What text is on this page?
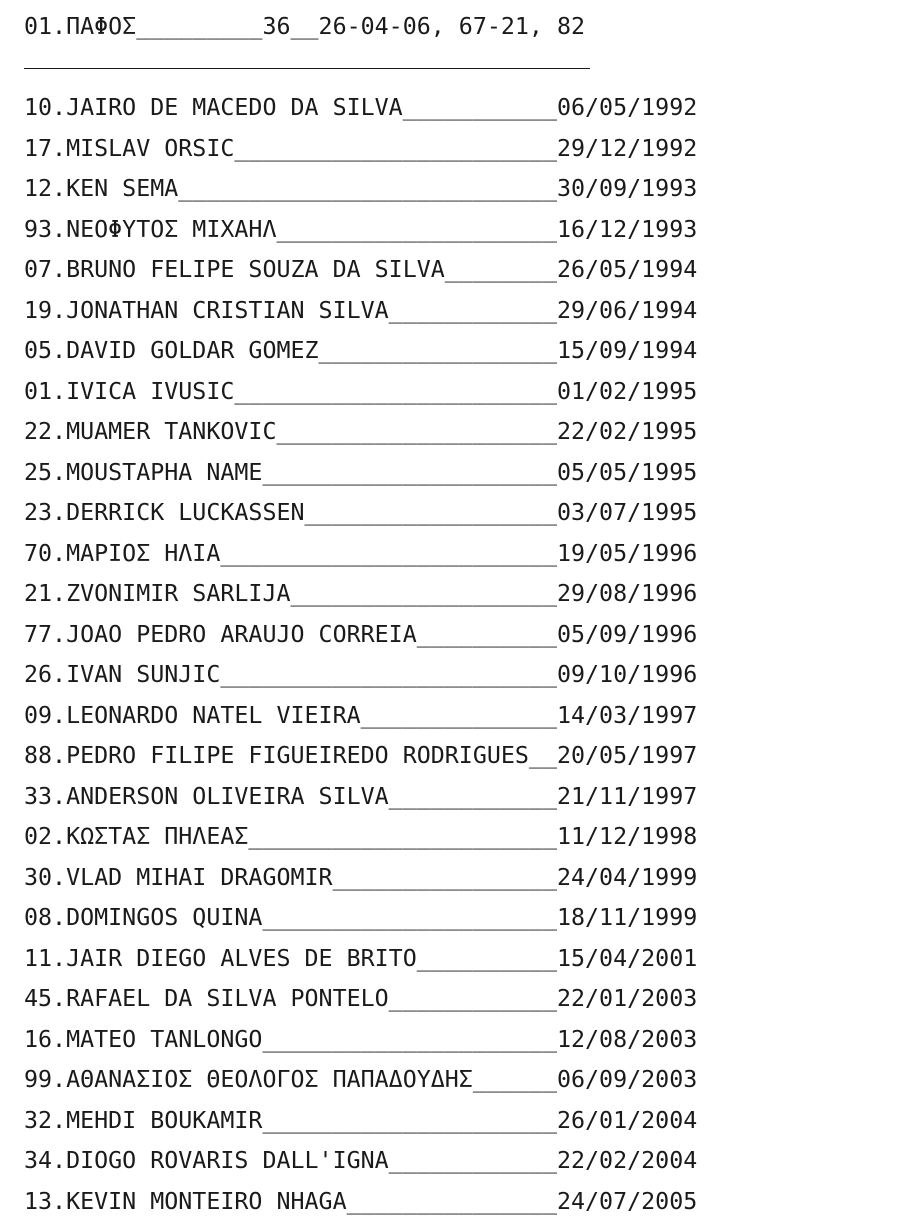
01.ΠΑΦΟΣ_________36__26-04-06, 67-21, 82
10.JAIRO DE MACEDO DA SILVA___________06/05/1992
17.MISLAV ORSIC_______________________29/12/1992
12.KEN SEMA___________________________30/09/1993
93.ΝΕΟΦΥΤΟΣ ΜΙΧΑΗΛ____________________16/12/1993
07.BRUNO FELIPE SOUZA DA SILVA________26/05/1994
19.JONATHAN CRISTIAN SILVA____________29/06/1994
05.DAVID GOLDAR GOMEZ_________________15/09/1994
01.IVICA IVUSIC_______________________01/02/1995
22.MUAMER TANKOVIC____________________22/02/1995
25.MOUSTAPHA NAME_____________________05/05/1995
23.DERRICK LUCKASSEN__________________03/07/1995
70.ΜΑΡΙΟΣ ΗΛΙΑ________________________19/05/1996
21.ZVONIMIR SARLIJA___________________29/08/1996
77.JOAO PEDRO ARAUJO CORREIA__________05/09/1996
26.IVAN SUNJIC________________________09/10/1996
09.LEONARDO NATEL VIEIRA______________14/03/1997
88.PEDRO FILIPE FIGUEIREDO RODRIGUES__20/05/1997
33.ANDERSON OLIVEIRA SILVA____________21/11/1997
02.ΚΩΣΤΑΣ ΠΗΛΕΑΣ______________________11/12/1998
30.VLAD MIHAI DRAGOMIR________________24/04/1999
08.DOMINGOS QUINA_____________________18/11/1999
11.JAIR DIEGO ALVES DE BRITO__________15/04/2001
45.RAFAEL DA SILVA PONTELO____________22/01/2003
16.MATEO TANLONGO_____________________12/08/2003
99.ΑΘΑΝΑΣΙΟΣ ΘΕΟΛΟΓΟΣ ΠΑΠΑΔΟΥΔΗΣ______06/09/2003
32.MEHDI BOUKAMIR_____________________26/01/2004
34.DIOGO ROVARIS DALL'IGNA____________22/02/2004
13.KEVIN MONTEIRO NHAGA_______________24/07/2005
